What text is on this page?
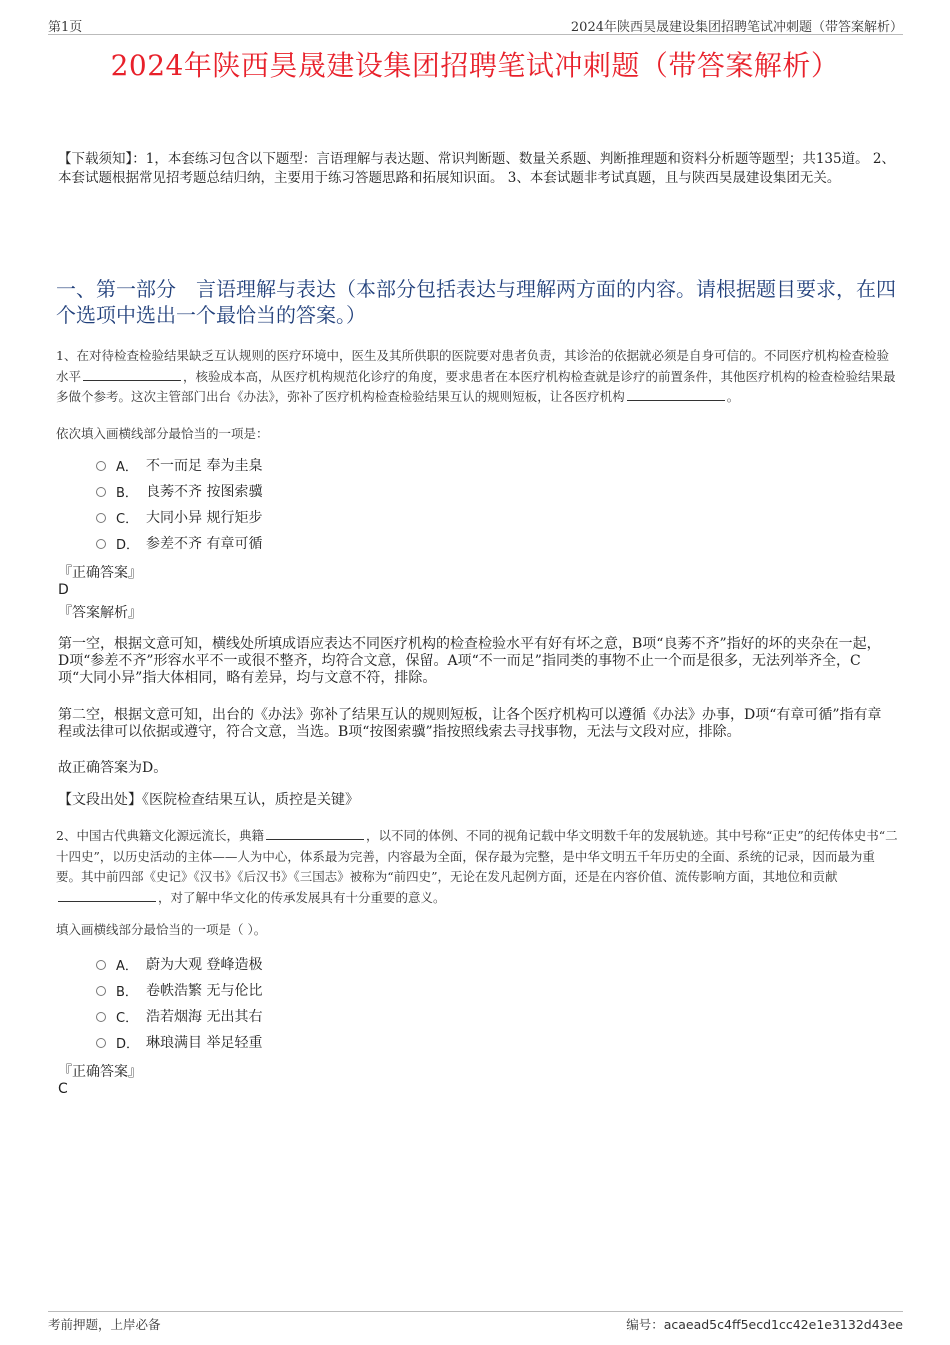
第1页	2024年陕西昊晟建设集团招聘笔试冲刺题（带答案解析）
2024年陕西昊晟建设集团招聘笔试冲刺题（带答案解析）
【下载须知】：1，本套练习包含以下题型：言语理解与表达题、常识判断题、数量关系题、判断推理题和资料分析题等题型；共135道。 2、本套试题根据常见招考题总结归纳，主要用于练习答题思路和拓展知识面。 3、本套试题非考试真题，且与陕西昊晟建设集团无关。
一、第一部分　言语理解与表达（本部分包括表达与理解两方面的内容。请根据题目要求，在四个选项中选出一个最恰当的答案。）
1、在对待检查检验结果缺乏互认规则的医疗环境中，医生及其所供职的医院要对患者负责，其诊治的依据就必须是自身可信的。不同医疗机构检查检验水平	，核验成本高，从医疗机构规范化诊疗的角度，要求患者在本医疗机构检查就是诊疗的前置条件，其他医疗机构的检查检验结果最多做个参考。这次主管部门出台《办法》，弥补了医疗机构检查检验结果互认的规则短板，让各医疗机构	。
依次填入画横线部分最恰当的一项是：
A． 不一而足 奉为圭臬
B． 良莠不齐 按图索骥
C． 大同小异 规行矩步
D． 参差不齐 有章可循
『正确答案』
D
『答案解析』
第一空，根据文意可知，横线处所填成语应表达不同医疗机构的检查检验水平有好有坏之意，B项“良莠不齐”指好的坏的夹杂在一起，D项“参差不齐”形容水平不一或很不整齐，均符合文意，保留。A项“不一而足”指同类的事物不止一个而是很多，无法列举齐全，C项“大同小异”指大体相同，略有差异，均与文意不符，排除。
第二空，根据文意可知，出台的《办法》弥补了结果互认的规则短板，让各个医疗机构可以遵循《办法》办事，D项“有章可循”指有章程或法律可以依据或遵守，符合文意，当选。B项“按图索骥”指按照线索去寻找事物，无法与文段对应，排除。
故正确答案为D。
【文段出处】《医院检查结果互认，质控是关键》
2、中国古代典籍文化源远流长，典籍	，以不同的体例、不同的视角记载中华文明数千年的发展轨迹。其中号称“正史”的纪传体史书“二十四史”，以历史活动的主体——人为中心，体系最为完善，内容最为全面，保存最为完整，是中华文明五千年历史的全面、系统的记录，因而最为重要。其中前四部《史记》《汉书》《后汉书》《三国志》被称为“前四史”，无论在发凡起例方面，还是在内容价值、流传影响方面，其地位和贡献，对了解中华文化的传承发展具有十分重要的意义。
填入画横线部分最恰当的一项是（ ）。
A． 蔚为大观 登峰造极
B． 卷帙浩繁 无与伦比
C． 浩若烟海 无出其右
D． 琳琅满目 举足轻重
『正确答案』
C
考前押题，上岸必备	编号：acaead5c4ff5ecd1cc42e1e3132d43ee
